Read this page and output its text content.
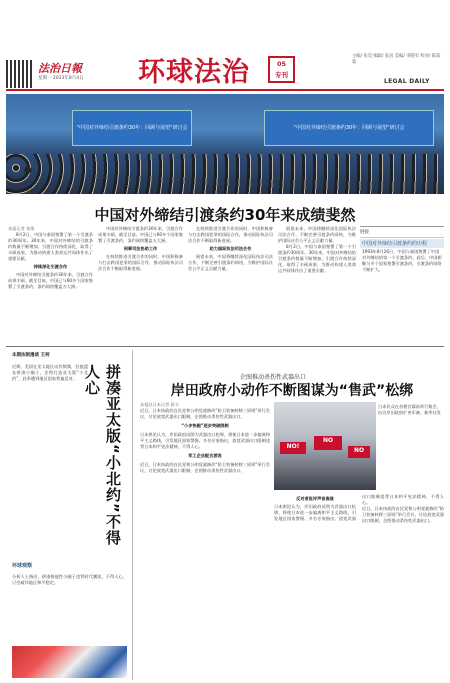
法治日報
星期一 2023年8月4日 环球法治	05
专刊
主编/ 张昊 编辑/ 张岩 美编/ 李晓军 校对/ 陈茹茹
LEGAL DAILY
"中国对外缔结引渡条约30年：回顾与展望"研讨会	"中国对外缔结引渡条约30年：回顾与展望"研讨会
中国对外缔结引渡条约30年来成绩斐然
本报记者 张维

8月2日，中国与泰国签署了第一个引渡条约30周年。30年来，中国对外缔结的引渡条约数量不断增加，引渡合作持续深化，取得了丰硕成果，为推动构建人类命运共同体作出了重要贡献。

持续深化引渡合作

中国对外缔结引渡条约30年来，引渡合作成果丰硕。截至目前，中国已与60多个国家签署了引渡条约，条约网络覆盖五大洲。

中国对外缔结引渡条约30年来，引渡合作成果丰硕。截至目前，中国已与60多个国家签署了引渡条约，条约网络覆盖五大洲。

刑事司法协助工作

在持续推进引渡合作的同时，中国积极参与打击跨国犯罪的国际合作，推动国际执法司法合作不断取得新进展。

在持续推进引渡合作的同时，中国积极参与打击跨国犯罪的国际合作，推动国际执法司法合作不断取得新进展。

助力国际执法司法合作

展望未来，中国将继续深化国际执法司法合作，不断完善引渡条约网络，为维护国际社会公平正义贡献力量。

展望未来，中国将继续深化国际执法司法合作，不断完善引渡条约网络，为维护国际社会公平正义贡献力量。

8月2日，中国与泰国签署了第一个引渡条约30周年。30年来，中国对外缔结的引渡条约数量不断增加，引渡合作持续深化，取得了丰硕成果，为推动构建人类命运共同体作出了重要贡献。

链接
中国对外缔结引渡条约的历程
1993年8月26日，中国与泰国签署了中国对外缔结的第一个引渡条约。此后，中国相继与多个国家签署引渡条约，引渡条约网络不断扩大。
本期法制漫谈 王柯
近期，美国在亚太地区动作频频，拉拢盟友拼凑小圈子，企图打造亚太版“小北约”，此举遭到地区国家普遍反对。	拼凑亚太版“小北约”不得人心
环球观察
分析人士指出，拼凑排他性小圈子违背时代潮流，不得人心，只会破坏地区和平稳定。
企图推动杀伤性武器出口
岸田政府小动作不断图谋为“售武”松绑
本报驻日本记者 蒋丰

近日，日本执政的自民党和公明党就修改“防卫装备转移三原则”举行会议，讨论放宽武器出口限制，企图推动杀伤性武器出口。

“小步快跑”逐步突破限制

日本舆论认为，岸田政府试图为武器出口松绑，将使日本进一步偏离和平主义路线，引发地区国家警惕。多名专家指出，放宽武器出口限制违背日本和平宪法精神，不得人心。

军工企业配合游说

近日，日本执政的自民党和公明党就修改“防卫装备转移三原则”举行会议，讨论放宽武器出口限制，企图推动杀伤性武器出口。

NO!
NO
NO
日本民众在首相官邸前举行集会，抗议岸田政府扩充军备。新华社发
反对者批评声音高涨

日本舆论认为，岸田政府试图为武器出口松绑，将使日本进一步偏离和平主义路线，引发地区国家警惕。多名专家指出，放宽武器出口限制违背日本和平宪法精神，不得人心。

近日，日本执政的自民党和公明党就修改“防卫装备转移三原则”举行会议，讨论放宽武器出口限制，企图推动杀伤性武器出口。
